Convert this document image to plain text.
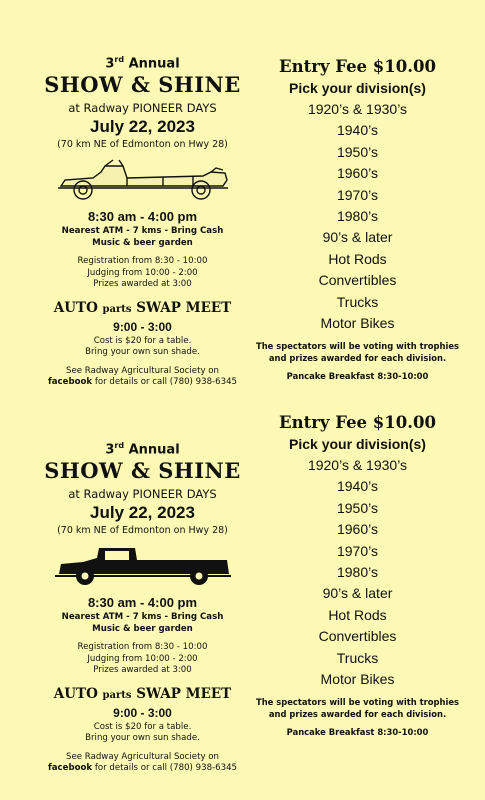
3rd Annual
SHOW & SHINE
at Radway PIONEER DAYS
July 22, 2023
(70 km NE of Edmonton on Hwy 28)
8:30 am - 4:00 pm
Nearest ATM - 7 kms - Bring Cash
Music & beer garden
Registration from 8:30 - 10:00
Judging from 10:00 - 2:00
Prizes awarded at 3:00
AUTO parts SWAP MEET
9:00 - 3:00
Cost is $20 for a table.
Bring your own sun shade.
See Radway Agricultural Society on
facebook for details or call (780) 938-6345
Entry Fee $10.00
Pick your division(s)
1920’s & 1930’s
1940’s
1950’s
1960’s
1970’s
1980’s
90’s & later
Hot Rods
Convertibles
Trucks
Motor Bikes
The spectators will be voting with trophies
and prizes awarded for each division.
Pancake Breakfast 8:30-10:00
3rd Annual
SHOW & SHINE
at Radway PIONEER DAYS
July 22, 2023
(70 km NE of Edmonton on Hwy 28)
8:30 am - 4:00 pm
Nearest ATM - 7 kms - Bring Cash
Music & beer garden
Registration from 8:30 - 10:00
Judging from 10:00 - 2:00
Prizes awarded at 3:00
AUTO parts SWAP MEET
9:00 - 3:00
Cost is $20 for a table.
Bring your own sun shade.
See Radway Agricultural Society on
facebook for details or call (780) 938-6345
Entry Fee $10.00
Pick your division(s)
1920’s & 1930’s
1940’s
1950’s
1960’s
1970’s
1980’s
90’s & later
Hot Rods
Convertibles
Trucks
Motor Bikes
The spectators will be voting with trophies
and prizes awarded for each division.
Pancake Breakfast 8:30-10:00
